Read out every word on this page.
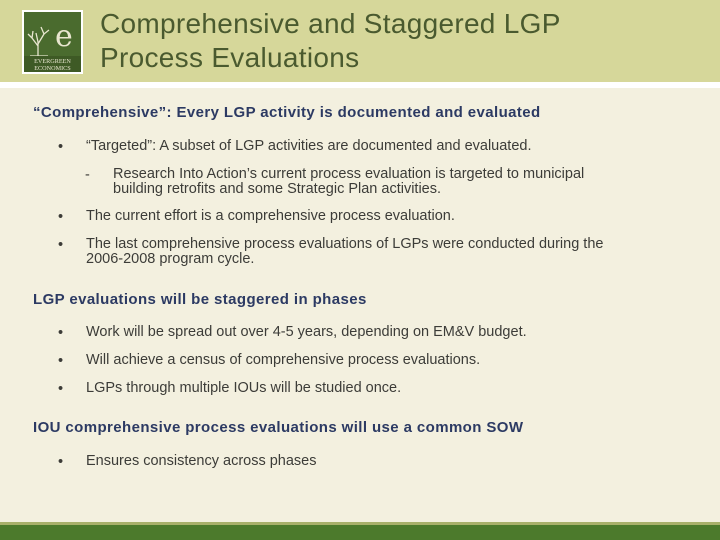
e
EVERGREEN
ECONOMICS
Comprehensive and Staggered LGP
Process Evaluations
“Comprehensive”: Every LGP activity is documented and evaluated
•	“Targeted”: A subset of LGP activities are documented and evaluated.
- Research Into Action’s current process evaluation is targeted to municipal
building retrofits and some Strategic Plan activities.
•	The current effort is a comprehensive process evaluation.
•	The last comprehensive process evaluations of LGPs were conducted during the
2006-2008 program cycle.
LGP evaluations will be staggered in phases
•	Work will be spread out over 4-5 years, depending on EM&V budget.
•	Will achieve a census of comprehensive process evaluations.
•	LGPs through multiple IOUs will be studied once.
IOU comprehensive process evaluations will use a common SOW
•	Ensures consistency across phases
